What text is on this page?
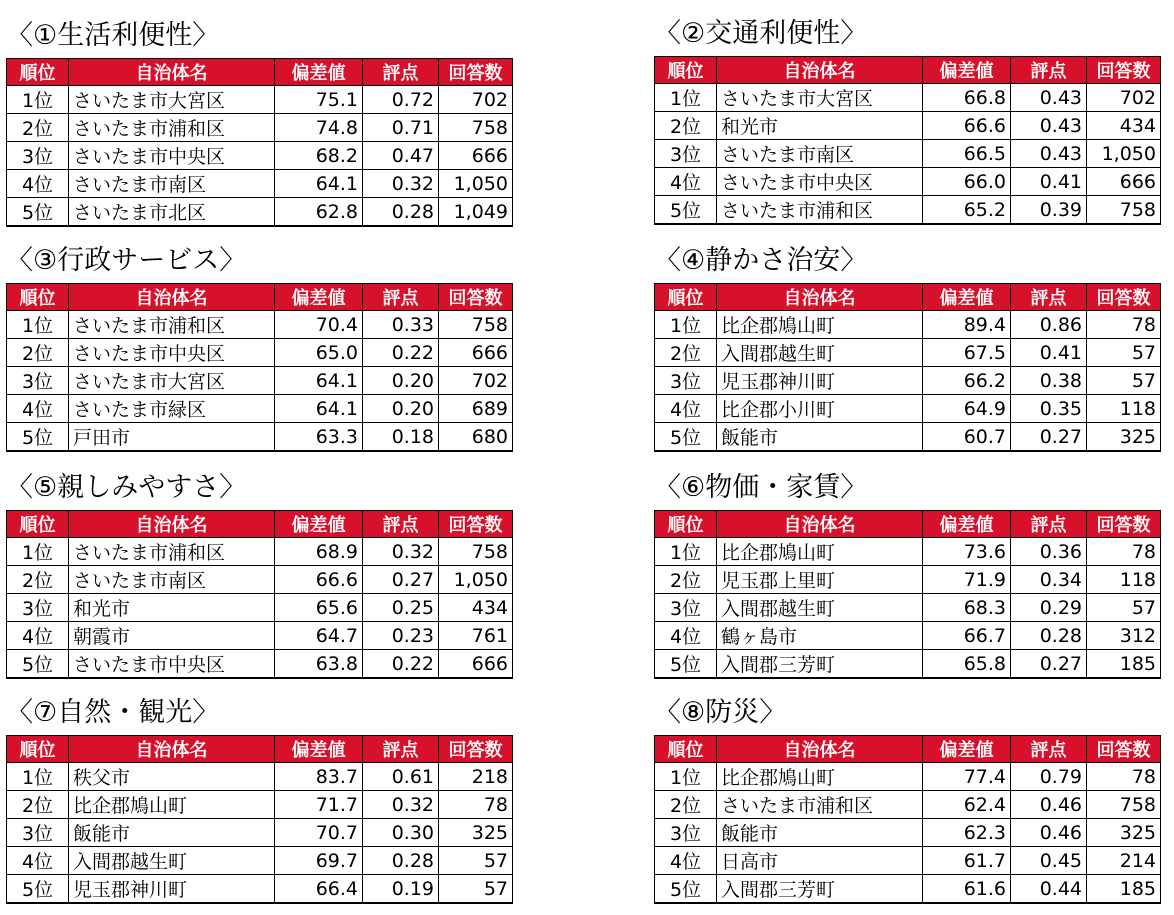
〈①生活利便性〉
順位	自治体名	偏差値	評点	回答数
1位	さいたま市大宮区	75.1	0.72	702
2位	さいたま市浦和区	74.8	0.71	758
3位	さいたま市中央区	68.2	0.47	666
4位	さいたま市南区	64.1	0.32	1,050
5位	さいたま市北区	62.8	0.28	1,049
〈②交通利便性〉
順位	自治体名	偏差値	評点	回答数
1位	さいたま市大宮区	66.8	0.43	702
2位	和光市	66.6	0.43	434
3位	さいたま市南区	66.5	0.43	1,050
4位	さいたま市中央区	66.0	0.41	666
5位	さいたま市浦和区	65.2	0.39	758
〈③行政サービス〉
順位	自治体名	偏差値	評点	回答数
1位	さいたま市浦和区	70.4	0.33	758
2位	さいたま市中央区	65.0	0.22	666
3位	さいたま市大宮区	64.1	0.20	702
4位	さいたま市緑区	64.1	0.20	689
5位	戸田市	63.3	0.18	680
〈④静かさ治安〉
順位	自治体名	偏差値	評点	回答数
1位	比企郡鳩山町	89.4	0.86	78
2位	入間郡越生町	67.5	0.41	57
3位	児玉郡神川町	66.2	0.38	57
4位	比企郡小川町	64.9	0.35	118
5位	飯能市	60.7	0.27	325
〈⑤親しみやすさ〉
順位	自治体名	偏差値	評点	回答数
1位	さいたま市浦和区	68.9	0.32	758
2位	さいたま市南区	66.6	0.27	1,050
3位	和光市	65.6	0.25	434
4位	朝霞市	64.7	0.23	761
5位	さいたま市中央区	63.8	0.22	666
〈⑥物価・家賃〉
順位	自治体名	偏差値	評点	回答数
1位	比企郡鳩山町	73.6	0.36	78
2位	児玉郡上里町	71.9	0.34	118
3位	入間郡越生町	68.3	0.29	57
4位	鶴ヶ島市	66.7	0.28	312
5位	入間郡三芳町	65.8	0.27	185
〈⑦自然・観光〉
順位	自治体名	偏差値	評点	回答数
1位	秩父市	83.7	0.61	218
2位	比企郡鳩山町	71.7	0.32	78
3位	飯能市	70.7	0.30	325
4位	入間郡越生町	69.7	0.28	57
5位	児玉郡神川町	66.4	0.19	57
〈⑧防災〉
順位	自治体名	偏差値	評点	回答数
1位	比企郡鳩山町	77.4	0.79	78
2位	さいたま市浦和区	62.4	0.46	758
3位	飯能市	62.3	0.46	325
4位	日高市	61.7	0.45	214
5位	入間郡三芳町	61.6	0.44	185
